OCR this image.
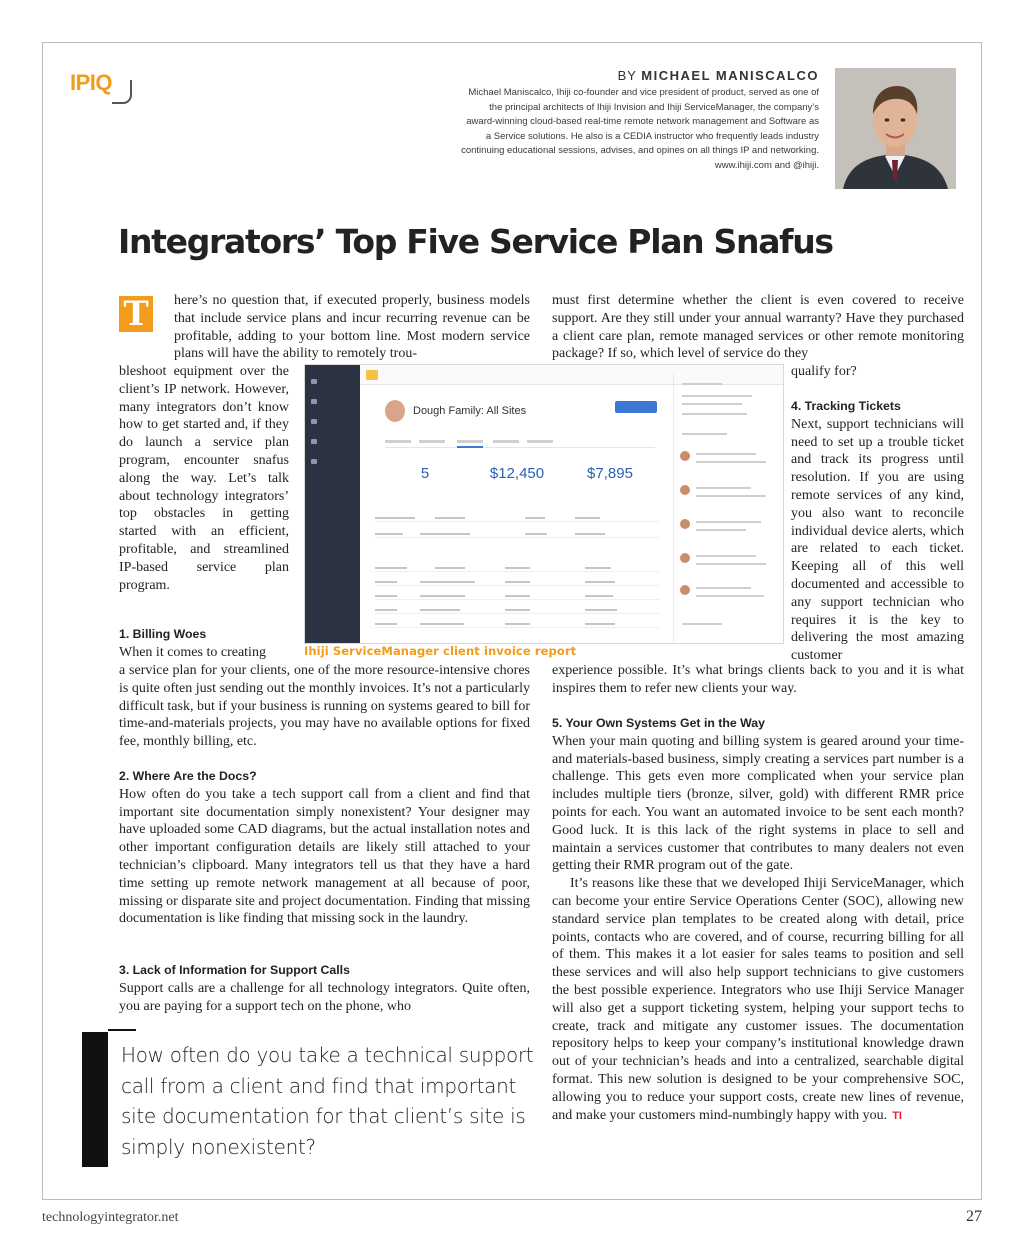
IPIQ	BY MICHAEL MANISCALCO
Michael Maniscalco, Ihiji co-founder and vice president of product, served as one of the principal architects of Ihiji Invision and Ihiji ServiceManager, the company’s award-winning cloud-based real-time remote network management and Software as a Service solutions. He also is a CEDIA instructor who frequently leads industry continuing educational sessions, advises, and opines on all things IP and networking. www.ihiji.com and @ihiji.
Integrators’ Top Five Service Plan Snafus
T	here’s no question that, if executed properly, business models that include service plans and incur recurring revenue can be profitable, adding to your bottom line. Most modern service plans will have the ability to remotely trou-
bleshoot equipment over the client’s IP network. However, many integrators don’t know how to get started and, if they do launch a service plan program, encounter snafus along the way. Let’s talk about technology integrators’ top obstacles in getting started with an efficient, profitable, and streamlined IP-based service plan program.
1. Billing Woes
When it comes to creating
a service plan for your clients, one of the more resource-intensive chores is quite often just sending out the monthly invoices. It’s not a particularly difficult task, but if your business is running on systems geared to bill for time-and-materials projects, you may have no available options for fixed fee, monthly billing, etc.
2. Where Are the Docs?
How often do you take a tech support call from a client and find that important site documentation simply nonexistent? Your designer may have uploaded some CAD diagrams, but the actual installation notes and other important configuration details are likely still attached to your technician’s clipboard. Many integrators tell us that they have a hard time setting up remote network management at all because of poor, missing or disparate site and project documentation. Finding that missing documentation is like finding that missing sock in the laundry.
3. Lack of Information for Support Calls
Support calls are a challenge for all technology integrators. Quite often, you are paying for a support tech on the phone, who
How often do you take a technical support call from a client and find that important site documentation for that client’s site is simply nonexistent?
must first determine whether the client is even covered to receive support. Are they still under your annual warranty? Have they purchased a client care plan, remote managed services or other remote monitoring package? If so, which level of service do they
qualify for?
4. Tracking Tickets
Next, support technicians will need to set up a trouble ticket and track its progress until resolution. If you are using remote services of any kind, you also want to reconcile individual device alerts, which are related to each ticket. Keeping all of this well documented and accessible to any support technician who requires it is the key to delivering the most amazing customer
experience possible. It’s what brings clients back to you and it is what inspires them to refer new clients your way.
5. Your Own Systems Get in the Way
When your main quoting and billing system is geared around your time- and materials-based business, simply creating a services part number is a challenge. This gets even more complicated when your service plan includes multiple tiers (bronze, silver, gold) with different RMR price points for each. You want an automated invoice to be sent each month? Good luck. It is this lack of the right systems in place to sell and maintain a services customer that contributes to many dealers not even getting their RMR program out of the gate.
It’s reasons like these that we developed Ihiji ServiceManager, which can become your entire Service Operations Center (SOC), allowing new standard service plan templates to be created along with detail, price points, contacts who are covered, and of course, recurring billing for all of them. This makes it a lot easier for sales teams to position and sell these services and will also help support technicians to give customers the best possible experience. Integrators who use Ihiji Service Manager will also get a support ticketing system, helping your support techs to create, track and mitigate any customer issues. The documentation repository helps to keep your company’s institutional knowledge drawn out of your technician’s heads and into a centralized, searchable digital format. This new solution is designed to be your comprehensive SOC, allowing you to reduce your support costs, create new lines of revenue, and make your customers mind-numbingly happy with you. TI
Dough Family: All Sites
5	$12,450	$7,895
Ihiji ServiceManager client invoice report
technologyintegrator.net	27
